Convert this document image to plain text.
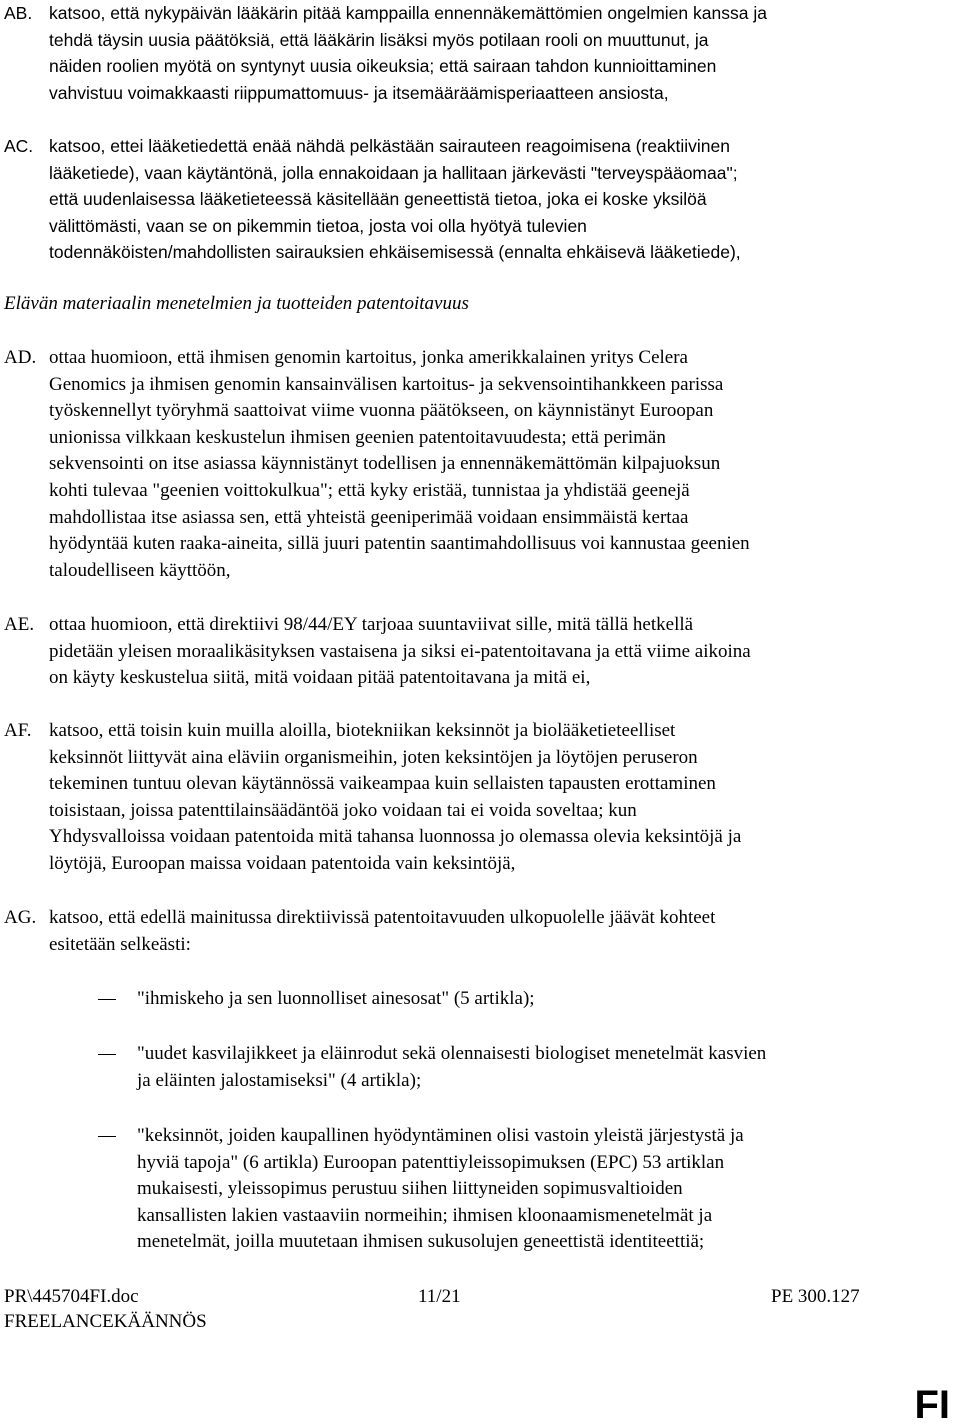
AB. katsoo, että nykypäivän lääkärin pitää kamppailla ennennäkemättömien ongelmien kanssa ja
tehdä täysin uusia päätöksiä, että lääkärin lisäksi myös potilaan rooli on muuttunut, ja
näiden roolien myötä on syntynyt uusia oikeuksia; että sairaan tahdon kunnioittaminen
vahvistuu voimakkaasti riippumattomuus- ja itsemääräämisperiaatteen ansiosta,
AC. katsoo, ettei lääketiedettä enää nähdä pelkästään sairauteen reagoimisena (reaktiivinen
lääketiede), vaan käytäntönä, jolla ennakoidaan ja hallitaan järkevästi "terveyspääomaa";
että uudenlaisessa lääketieteessä käsitellään geneettistä tietoa, joka ei koske yksilöä
välittömästi, vaan se on pikemmin tietoa, josta voi olla hyötyä tulevien
todennäköisten/mahdollisten sairauksien ehkäisemisessä (ennalta ehkäisevä lääketiede),
Elävän materiaalin menetelmien ja tuotteiden patentoitavuus
AD. ottaa huomioon, että ihmisen genomin kartoitus, jonka amerikkalainen yritys Celera
Genomics ja ihmisen genomin kansainvälisen kartoitus- ja sekvensointihankkeen parissa
työskennellyt työryhmä saattoivat viime vuonna päätökseen, on käynnistänyt Euroopan
unionissa vilkkaan keskustelun ihmisen geenien patentoitavuudesta; että perimän
sekvensointi on itse asiassa käynnistänyt todellisen ja ennennäkemättömän kilpajuoksun
kohti tulevaa "geenien voittokulkua"; että kyky eristää, tunnistaa ja yhdistää geenejä
mahdollistaa itse asiassa sen, että yhteistä geeniperimää voidaan ensimmäistä kertaa
hyödyntää kuten raaka-aineita, sillä juuri patentin saantimahdollisuus voi kannustaa geenien
taloudelliseen käyttöön,
AE. ottaa huomioon, että direktiivi 98/44/EY tarjoaa suuntaviivat sille, mitä tällä hetkellä
pidetään yleisen moraalikäsityksen vastaisena ja siksi ei-patentoitavana ja että viime aikoina
on käyty keskustelua siitä, mitä voidaan pitää patentoitavana ja mitä ei,
AF. katsoo, että toisin kuin muilla aloilla, biotekniikan keksinnöt ja biolääketieteelliset
keksinnöt liittyvät aina eläviin organismeihin, joten keksintöjen ja löytöjen peruseron
tekeminen tuntuu olevan käytännössä vaikeampaa kuin sellaisten tapausten erottaminen
toisistaan, joissa patenttilainsäädäntöä joko voidaan tai ei voida soveltaa; kun
Yhdysvalloissa voidaan patentoida mitä tahansa luonnossa jo olemassa olevia keksintöjä ja
löytöjä, Euroopan maissa voidaan patentoida vain keksintöjä,
AG. katsoo, että edellä mainitussa direktiivissä patentoitavuuden ulkopuolelle jäävät kohteet
esitetään selkeästi:
"ihmiskeho ja sen luonnolliset ainesosat" (5 artikla);
"uudet kasvilajikkeet ja eläinrodut sekä olennaisesti biologiset menetelmät kasvien
ja eläinten jalostamiseksi" (4 artikla);
"keksinnöt, joiden kaupallinen hyödyntäminen olisi vastoin yleistä järjestystä ja
hyviä tapoja" (6 artikla) Euroopan patenttiyleissopimuksen (EPC) 53 artiklan
mukaisesti, yleissopimus perustuu siihen liittyneiden sopimusvaltioiden
kansallisten lakien vastaaviin normeihin; ihmisen kloonaamismenetelmät ja
menetelmät, joilla muutetaan ihmisen sukusolujen geneettistä identiteettiä;
PR\445704FI.doc	11/21	PE 300.127
FREELANCEKÄÄNNÖS
FI
